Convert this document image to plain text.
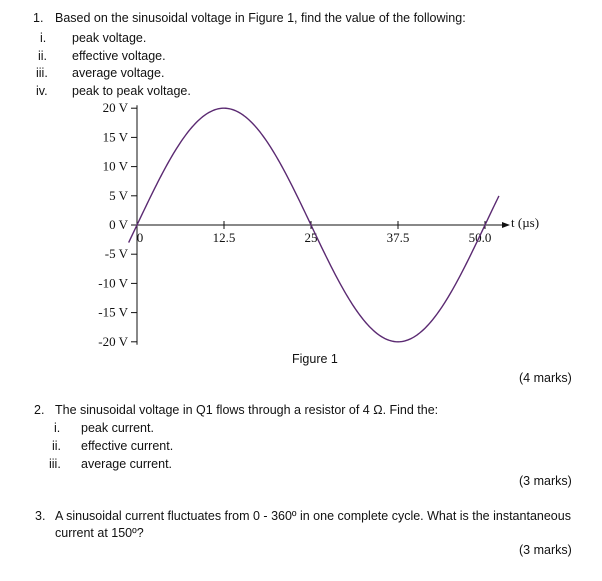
1. Based on the sinusoidal voltage in Figure 1, find the value of the following:
i. peak voltage.
ii. effective voltage.
iii. average voltage.
iv. peak to peak voltage.
t (µs)
20 V
15 V
10 V
5 V
0 V
-5 V
-10 V
-15 V
-20 V
0	12.5	25	37.5	50.0
Figure 1
(4 marks)
2. The sinusoidal voltage in Q1 flows through a resistor of 4 Ω. Find the:
i. peak current.
ii. effective current.
iii. average current.
(3 marks)
3. A sinusoidal current fluctuates from 0 - 360º in one complete cycle. What is the instantaneous
current at 150º?
(3 marks)
